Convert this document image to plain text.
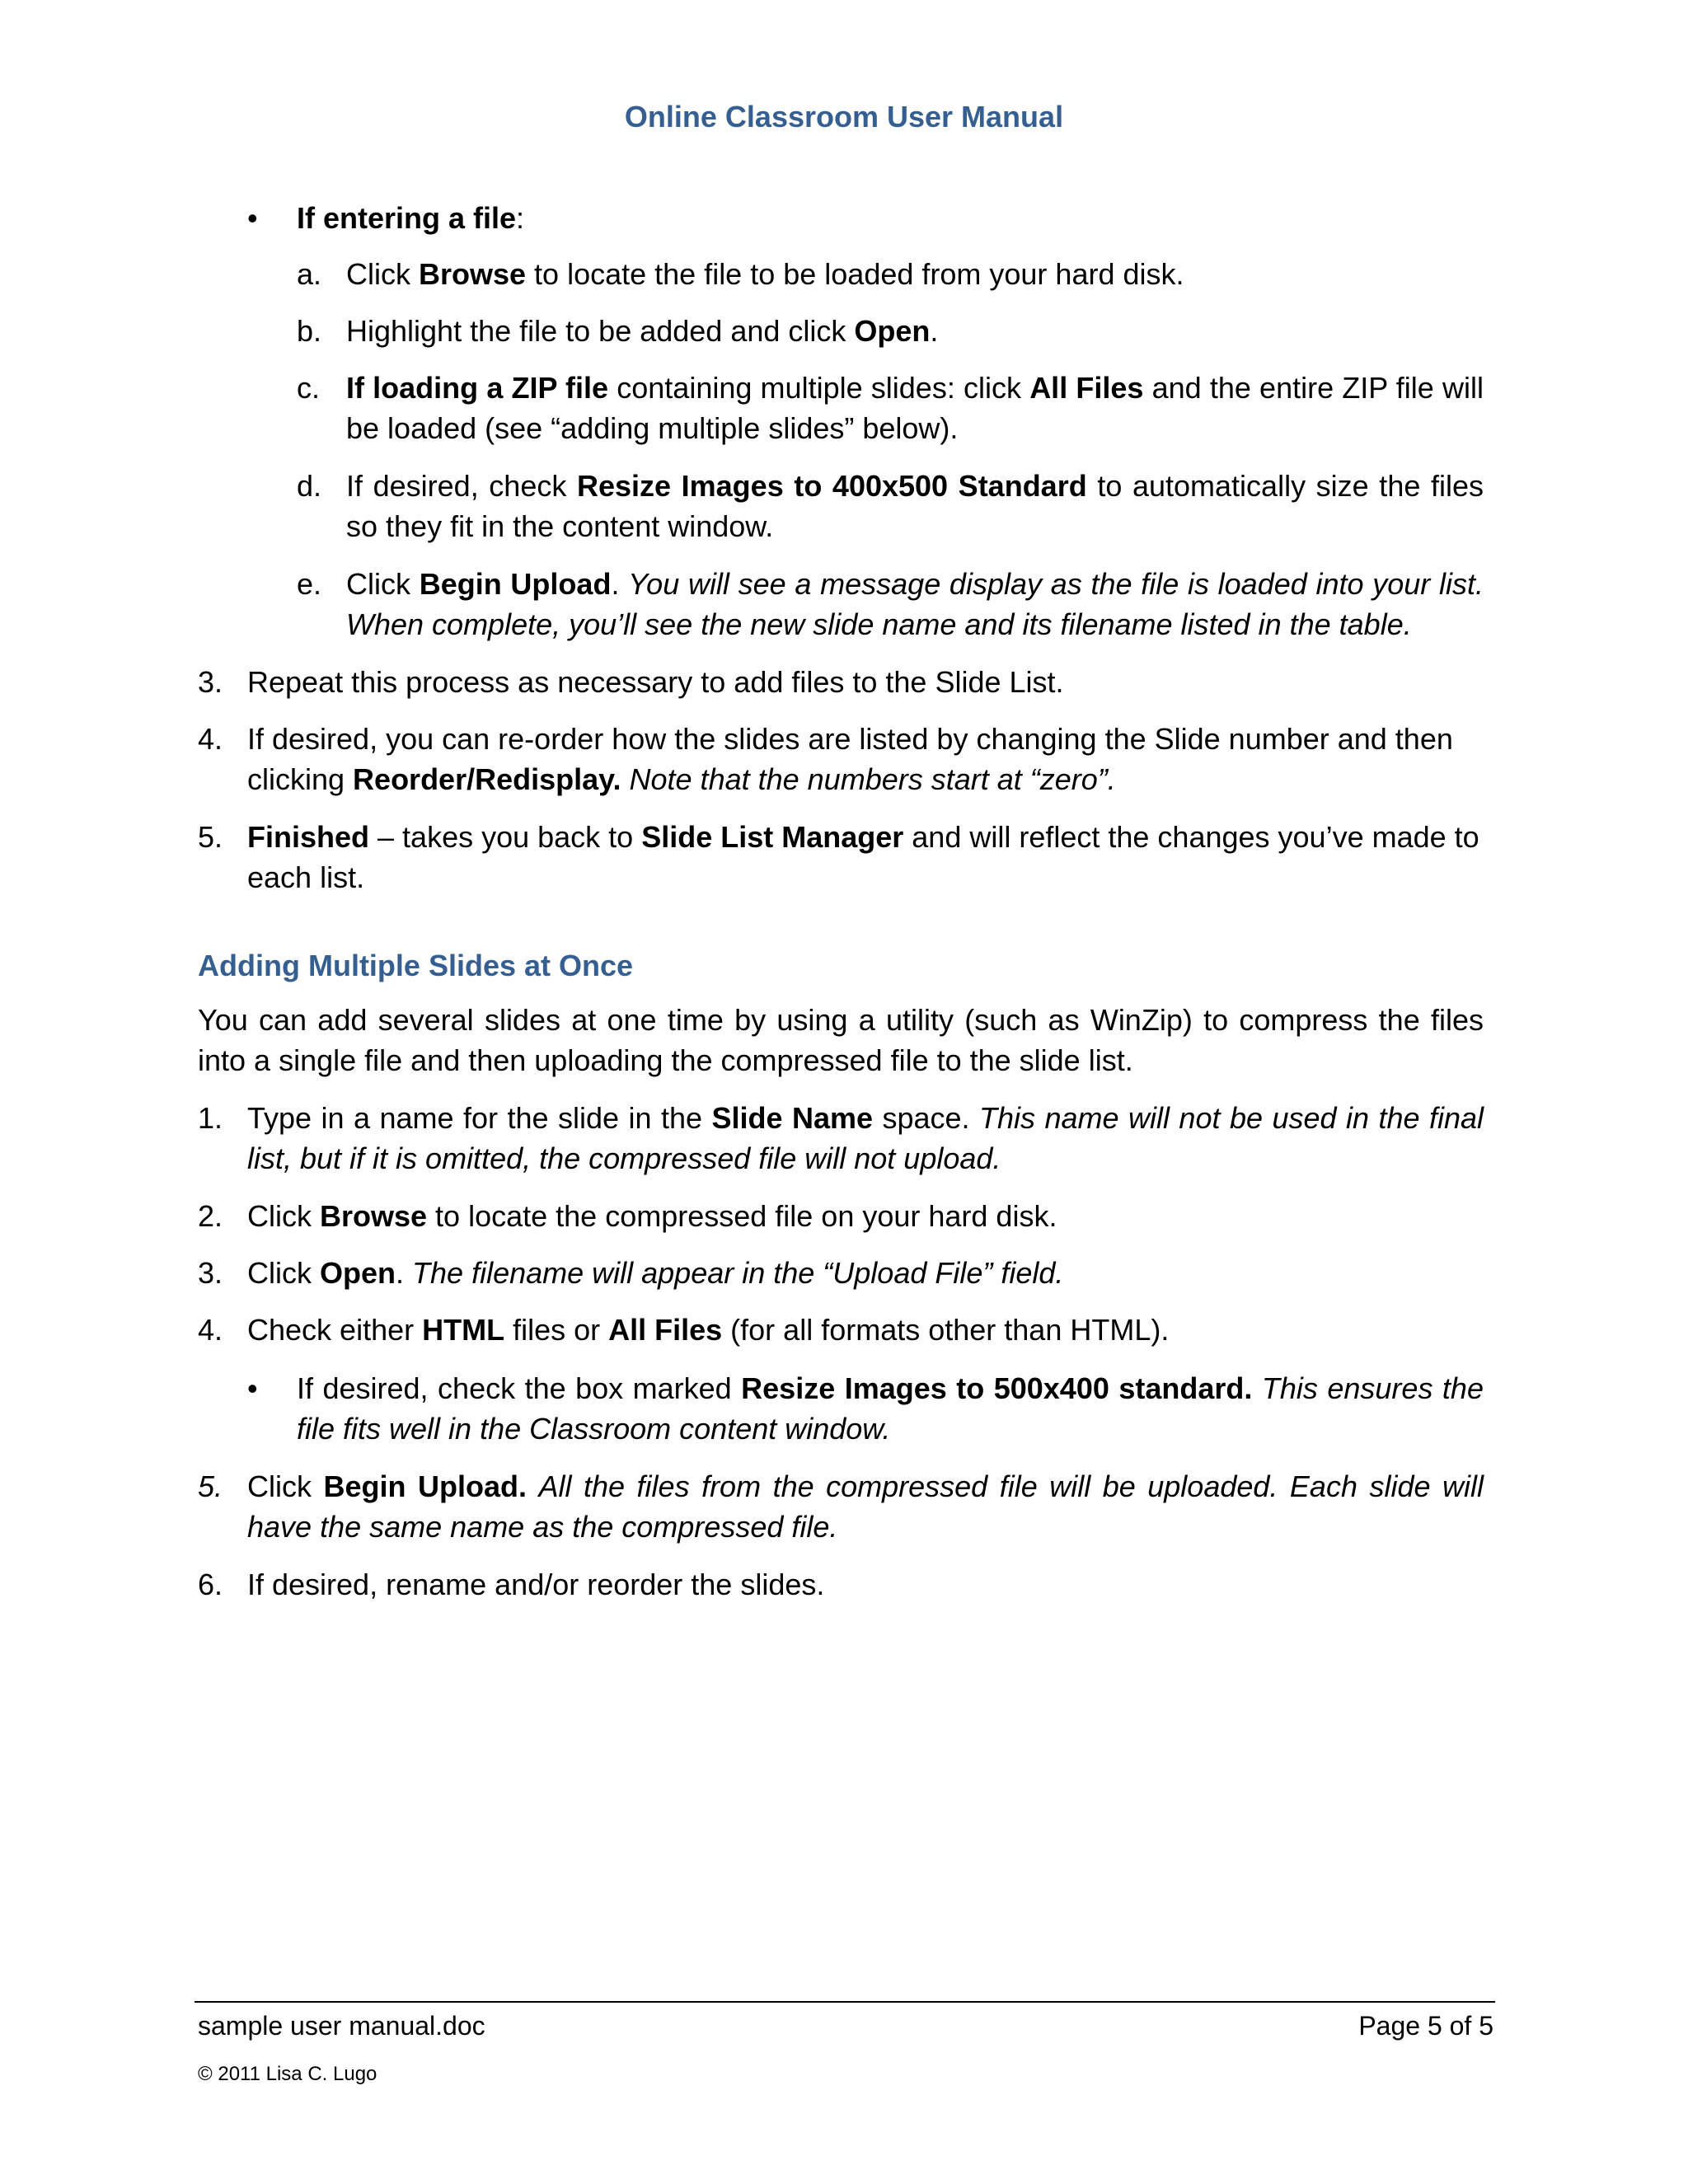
Online Classroom User Manual
• If entering a file:

a. Click Browse to locate the file to be loaded from your hard disk.

b. Highlight the file to be added and click Open.

c. If loading a ZIP file containing multiple slides: click All Files and the entire ZIP file will be loaded (see “adding multiple slides” below).

d. If desired, check Resize Images to 400x500 Standard to automatically size the files so they fit in the content window.

e. Click Begin Upload. You will see a message display as the file is loaded into your list. When complete, you’ll see the new slide name and its filename listed in the table.

3. Repeat this process as necessary to add files to the Slide List.

4. If desired, you can re-order how the slides are listed by changing the Slide number and then clicking Reorder/Redisplay. Note that the numbers start at “zero”.

5. Finished – takes you back to Slide List Manager and will reflect the changes you’ve made to each list.

Adding Multiple Slides at Once

You can add several slides at one time by using a utility (such as WinZip) to compress the files into a single file and then uploading the compressed file to the slide list.

1. Type in a name for the slide in the Slide Name space. This name will not be used in the final list, but if it is omitted, the compressed file will not upload.

2. Click Browse to locate the compressed file on your hard disk.

3. Click Open. The filename will appear in the “Upload File” field.

4. Check either HTML files or All Files (for all formats other than HTML).

• If desired, check the box marked Resize Images to 500x400 standard. This ensures the file fits well in the Classroom content window.

5. Click Begin Upload. All the files from the compressed file will be uploaded. Each slide will have the same name as the compressed file.

6. If desired, rename and/or reorder the slides.

sample user manual.doc	Page 5 of 5
© 2011 Lisa C. Lugo
